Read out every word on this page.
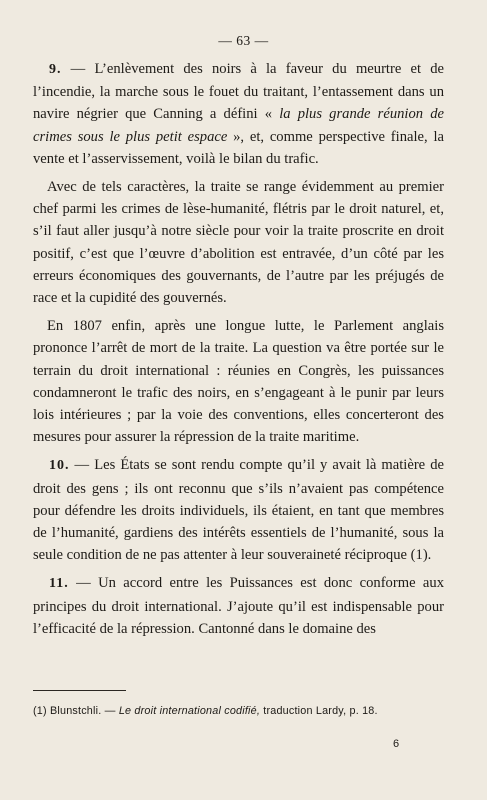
— 63 —

9. — L’enlèvement des noirs à la faveur du meurtre et de l’incendie, la marche sous le fouet du traitant, l’entassement dans un navire négrier que Canning a défini « la plus grande réunion de crimes sous le plus petit espace », et, comme perspective finale, la vente et l’asservissement, voilà le bilan du trafic.

Avec de tels caractères, la traite se range évidemment au premier chef parmi les crimes de lèse-humanité, flétris par le droit naturel, et, s’il faut aller jusqu’à notre siècle pour voir la traite proscrite en droit positif, c’est que l’œuvre d’abolition est entravée, d’un côté par les erreurs économiques des gouvernants, de l’autre par les préjugés de race et la cupidité des gouvernés.

En 1807 enfin, après une longue lutte, le Parlement anglais prononce l’arrêt de mort de la traite. La question va être portée sur le terrain du droit international : réunies en Congrès, les puissances condamneront le trafic des noirs, en s’engageant à le punir par leurs lois intérieures ; par la voie des conventions, elles concerteront des mesures pour assurer la répression de la traite maritime.

10. — Les États se sont rendu compte qu’il y avait là matière de droit des gens ; ils ont reconnu que s’ils n’avaient pas compétence pour défendre les droits individuels, ils étaient, en tant que membres de l’humanité, gardiens des intérêts essentiels de l’humanité, sous la seule condition de ne pas attenter à leur souveraineté réciproque (1).

11. — Un accord entre les Puissances est donc conforme aux principes du droit international. J’ajoute qu’il est indispensable pour l’efficacité de la répression. Cantonné dans le domaine des

(1) Blunstchli. — Le droit international codifié, traduction Lardy, p. 18.
6
